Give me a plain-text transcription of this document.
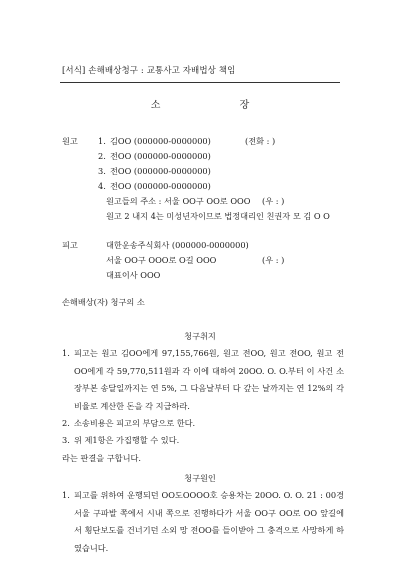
[서식] 손해배상청구 : 교통사고 자배법상 책임
소 장
원고 1. 김OO (000000-0000000)	(전화 : )
2. 전OO (000000-0000000)
3. 전OO (000000-0000000)
4. 전OO (000000-0000000)
원고들의 주소 : 서울 OO구 OO로 OOO (우 : )
원고 2 내지 4는 미성년자이므로 법정대리인 친권자 모 김 O O
피고	대한운송주식회사 (000000-0000000)
서울 OO구 OOO로 O길 OOO	(우 : )
대표이사 OOO
손해배상(자) 청구의 소
청구취지
1. 피고는 원고 김OO에게 97,155,766원, 원고 전OO, 원고 전OO, 원고 전OO에게 각 59,770,511원과 각 이에 대하여 20OO. O. O.부터 이 사건 소장부본 송달일까지는 연 5%, 그 다음날부터 다 갚는 날까지는 연 12%의 각 비율로 계산한 돈을 각 지급하라.
2. 소송비용은 피고의 부담으로 한다.
3. 위 제1항은 가집행할 수 있다.
라는 판결을 구합니다.
청구원인
1. 피고를 위하여 운행되던 OO도OOOO호 승용차는 20OO. O. O. 21 : 00경 서울 구파발 쪽에서 시내 쪽으로 진행하다가 서울 OO구 OO로 OO 앞길에서 횡단보도를 건너기던 소외 망 전OO를 들이받아 그 충격으로 사망하게 하였습니다.
